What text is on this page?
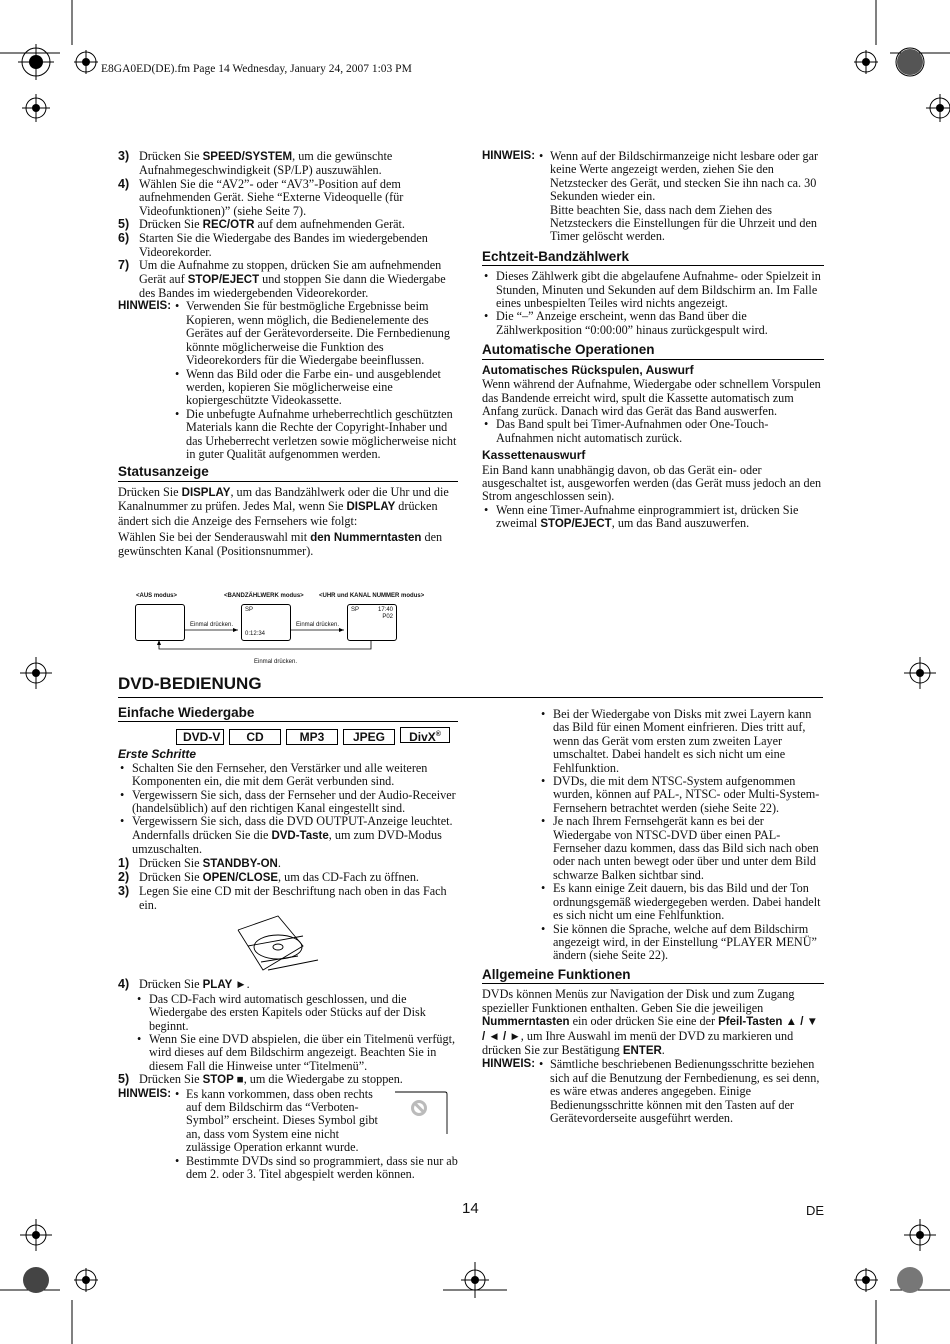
E8GA0ED(DE).fm Page 14 Wednesday, January 24, 2007 1:03 PM
3) Drücken Sie SPEED/SYSTEM, um die gewünschte Aufnahmegeschwindigkeit (SP/LP) auszuwählen.
4) Wählen Sie die “AV2”- oder “AV3”-Position auf dem aufnehmenden Gerät. Siehe “Externe Videoquelle (für Videofunktionen)” (siehe Seite 7).
5) Drücken Sie REC/OTR auf dem aufnehmenden Gerät.
6) Starten Sie die Wiedergabe des Bandes im wiedergebenden Videorekorder.
7) Um die Aufnahme zu stoppen, drücken Sie am aufnehmenden Gerät auf STOP/EJECT und stoppen Sie dann die Wiedergabe des Bandes im wiedergebenden Videorekorder.
HINWEIS:	• Verwenden Sie für bestmögliche Ergebnisse beim Kopieren, wenn möglich, die Bedienelemente des Gerätes auf der Gerätevorderseite. Die Fernbedienung könnte möglicherweise die Funktion des Videorekorders für die Wiedergabe beeinflussen.
• Wenn das Bild oder die Farbe ein- und ausgeblendet werden, kopieren Sie möglicherweise eine kopiergeschützte Videokassette.
• Die unbefugte Aufnahme urheberrechtlich geschützten Materials kann die Rechte der Copyright-Inhaber und das Urheberrecht verletzen sowie möglicherweise nicht in guter Qualität aufgenommen werden.
Statusanzeige

Drücken Sie DISPLAY, um das Bandzählwerk oder die Uhr und die Kanalnummer zu prüfen. Jedes Mal, wenn Sie DISPLAY drücken ändert sich die Anzeige des Fernsehers wie folgt:

Wählen Sie bei der Senderauswahl mit den Nummerntasten den gewünschten Kanal (Positionsnummer).

<AUS modus>	<BANDZÄHLWERK modus>	<UHR und KANAL NUMMER modus>
SP
0:12:34
SP	17:40
P02
Einmal drücken.	Einmal drücken.
Einmal drücken.
HINWEIS:	• Wenn auf der Bildschirmanzeige nicht lesbare oder gar keine Werte angezeigt werden, ziehen Sie den Netzstecker des Gerät, und stecken Sie ihn nach ca. 30 Sekunden wieder ein.
Bitte beachten Sie, dass nach dem Ziehen des Netzsteckers die Einstellungen für die Uhrzeit und den Timer gelöscht werden.
Echtzeit-Bandzählwerk
• Dieses Zählwerk gibt die abgelaufene Aufnahme- oder Spielzeit in Stunden, Minuten und Sekunden auf dem Bildschirm an. Im Falle eines unbespielten Teiles wird nichts angezeigt.
• Die “–” Anzeige erscheint, wenn das Band über die Zählwerkposition “0:00:00” hinaus zurückgespult wird.
Automatische Operationen
Automatisches Rückspulen, Auswurf

Wenn während der Aufnahme, Wiedergabe oder schnellem Vorspulen das Bandende erreicht wird, spult die Kassette automatisch zum Anfang zurück. Danach wird das Gerät das Band auswerfen.

• Das Band spult bei Timer-Aufnahmen oder One-Touch-Aufnahmen nicht automatisch zurück.
Kassettenauswurf

Ein Band kann unabhängig davon, ob das Gerät ein- oder ausgeschaltet ist, ausgeworfen werden (das Gerät muss jedoch an den Strom angeschlossen sein).

• Wenn eine Timer-Aufnahme einprogrammiert ist, drücken Sie zweimal STOP/EJECT, um das Band auszuwerfen.
DVD-BEDIENUNG
Einfache Wiedergabe
DVD-V CD	MP3 JPEG DivX®
Erste Schritte
• Schalten Sie den Fernseher, den Verstärker und alle weiteren Komponenten ein, die mit dem Gerät verbunden sind.
• Vergewissern Sie sich, dass der Fernseher und der Audio-Receiver (handelsüblich) auf den richtigen Kanal eingestellt sind.
• Vergewissern Sie sich, dass die DVD OUTPUT-Anzeige leuchtet. Andernfalls drücken Sie die DVD-Taste, um zum DVD-Modus umzuschalten.
1) Drücken Sie STANDBY-ON.
2) Drücken Sie OPEN/CLOSE, um das CD-Fach zu öffnen.
3) Legen Sie eine CD mit der Beschriftung nach oben in das Fach ein.
4) Drücken Sie PLAY ►.
• Das CD-Fach wird automatisch geschlossen, und die Wiedergabe des ersten Kapitels oder Stücks auf der Disk beginnt.
• Wenn Sie eine DVD abspielen, die über ein Titelmenü verfügt, wird dieses auf dem Bildschirm angezeigt. Beachten Sie in diesem Fall die Hinweise unter “Titelmenü”.
5) Drücken Sie STOP ■, um die Wiedergabe zu stoppen.
HINWEIS:	• Es kann vorkommen, dass oben rechts auf dem Bildschirm das “Verboten-Symbol” erscheint. Dieses Symbol gibt an, dass vom System eine nicht zulässige Operation erkannt wurde.
• Bestimmte DVDs sind so programmiert, dass sie nur ab dem 2. oder 3. Titel abgespielt werden können.
• Bei der Wiedergabe von Disks mit zwei Layern kann das Bild für einen Moment einfrieren. Dies tritt auf, wenn das Gerät vom ersten zum zweiten Layer umschaltet. Dabei handelt es sich nicht um eine Fehlfunktion.
• DVDs, die mit dem NTSC-System aufgenommen wurden, können auf PAL-, NTSC- oder Multi-System-Fernsehern betrachtet werden (siehe Seite 22).
• Je nach Ihrem Fernsehgerät kann es bei der Wiedergabe von NTSC-DVD über einen PAL-Fernseher dazu kommen, dass das Bild sich nach oben oder nach unten bewegt oder über und unter dem Bild schwarze Balken sichtbar sind.
• Es kann einige Zeit dauern, bis das Bild und der Ton ordnungsgemäß wiedergegeben werden. Dabei handelt es sich nicht um eine Fehlfunktion.
• Sie können die Sprache, welche auf dem Bildschirm angezeigt wird, in der Einstellung “PLAYER MENÜ” ändern (siehe Seite 22).
Allgemeine Funktionen

DVDs können Menüs zur Navigation der Disk und zum Zugang spezieller Funktionen enthalten. Geben Sie die jeweiligen Nummerntasten ein oder drücken Sie eine der Pfeil-Tasten ▲ / ▼ / ◄ / ►, um Ihre Auswahl im menü der DVD zu markieren und drücken Sie zur Bestätigung ENTER.

HINWEIS:	• Sämtliche beschriebenen Bedienungsschritte beziehen sich auf die Benutzung der Fernbedienung, es sei denn, es wäre etwas anderes angegeben. Einige Bedienungsschritte können mit den Tasten auf der Gerätevorderseite ausgeführt werden.
14	DE
